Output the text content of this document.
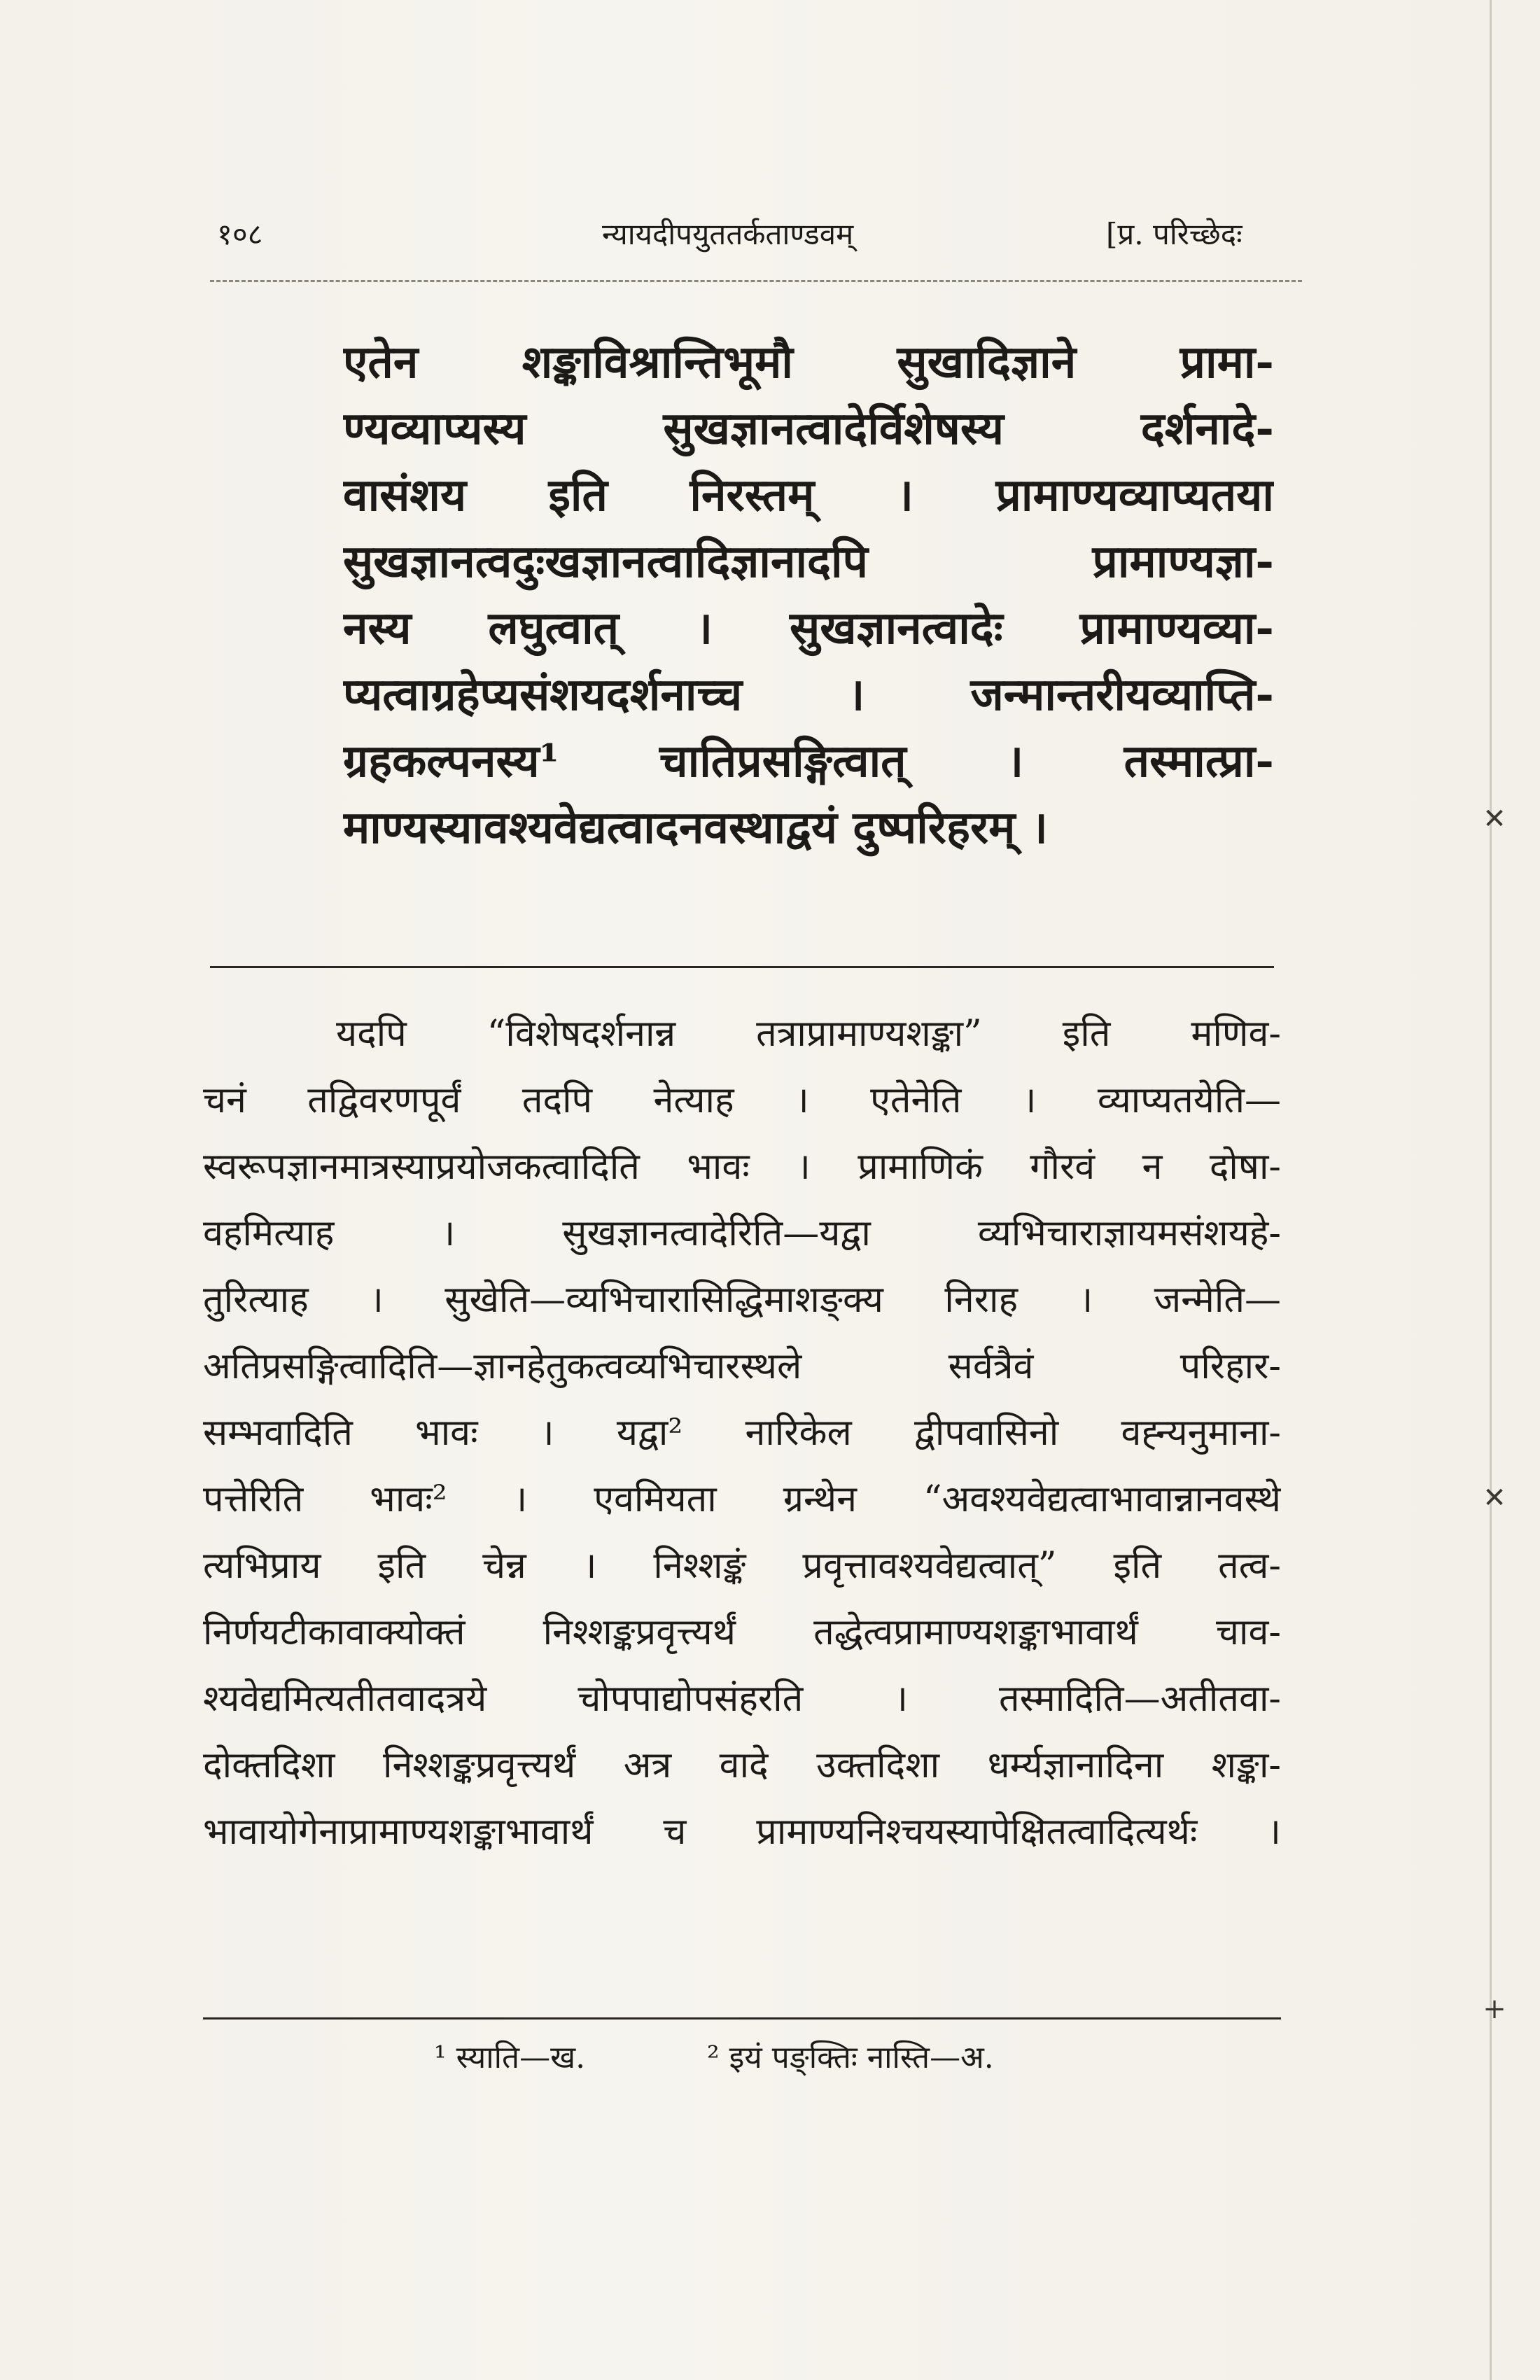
१०८	न्यायदीपयुततर्कताण्डवम्	[प्र. परिच्छेदः
एतेन शङ्काविश्रान्तिभूमौ सुखादिज्ञाने प्रामा-
ण्यव्याप्यस्य सुखज्ञानत्वादेर्विशेषस्य दर्शनादे-
वासंशय इति निरस्तम् । प्रामाण्यव्याप्यतया
सुखज्ञानत्वदुःखज्ञानत्वादिज्ञानादपि प्रामाण्यज्ञा-
नस्य लघुत्वात् । सुखज्ञानत्वादेः प्रामाण्यव्या-
प्यत्वाग्रहेप्यसंशयदर्शनाच्च । जन्मान्तरीयव्याप्ति-
ग्रहकल्पनस्य¹ चातिप्रसङ्गित्वात् । तस्मात्प्रा-
माण्यस्यावश्यवेद्यत्वादनवस्थाद्वयं दुष्परिहरम् ।
यदपि “विशेषदर्शनान्न तत्राप्रामाण्यशङ्का” इति मणिव-
चनं तद्विवरणपूर्वं तदपि नेत्याह । एतेनेति । व्याप्यतयेति—
स्वरूपज्ञानमात्रस्याप्रयोजकत्वादिति भावः । प्रामाणिकं गौरवं न दोषा-
वहमित्याह । सुखज्ञानत्वादेरिति—यद्वा व्यभिचाराज्ञायमसंशयहे-
तुरित्याह । सुखेति—व्यभिचारासिद्धिमाशङ्क्य निराह । जन्मेति—
अतिप्रसङ्गित्वादिति—ज्ञानहेतुकत्वव्यभिचारस्थले सर्वत्रैवं परिहार-
सम्भवादिति भावः । यद्वा² नारिकेल द्वीपवासिनो वह्न्यनुमाना-
पत्तेरिति भावः² । एवमियता ग्रन्थेन “अवश्यवेद्यत्वाभावान्नानवस्थे
त्यभिप्राय इति चेन्न । निश्शङ्कं प्रवृत्तावश्यवेद्यत्वात्” इति तत्व-
निर्णयटीकावाक्योक्तं निश्शङ्कप्रवृत्त्यर्थं तद्धेत्वप्रामाण्यशङ्काभावार्थं चाव-
श्यवेद्यमित्यतीतवादत्रये चोपपाद्योपसंहरति । तस्मादिति—अतीतवा-
दोक्तदिशा निश्शङ्कप्रवृत्त्यर्थं अत्र वादे उक्तदिशा धर्म्यज्ञानादिना शङ्का-
भावायोगेनाप्रामाण्यशङ्काभावार्थं च प्रामाण्यनिश्चयस्यापेक्षितत्वादित्यर्थः ।
¹ स्याति—ख.	² इयं पङ्क्तिः नास्ति—अ.
✕
✕
+
